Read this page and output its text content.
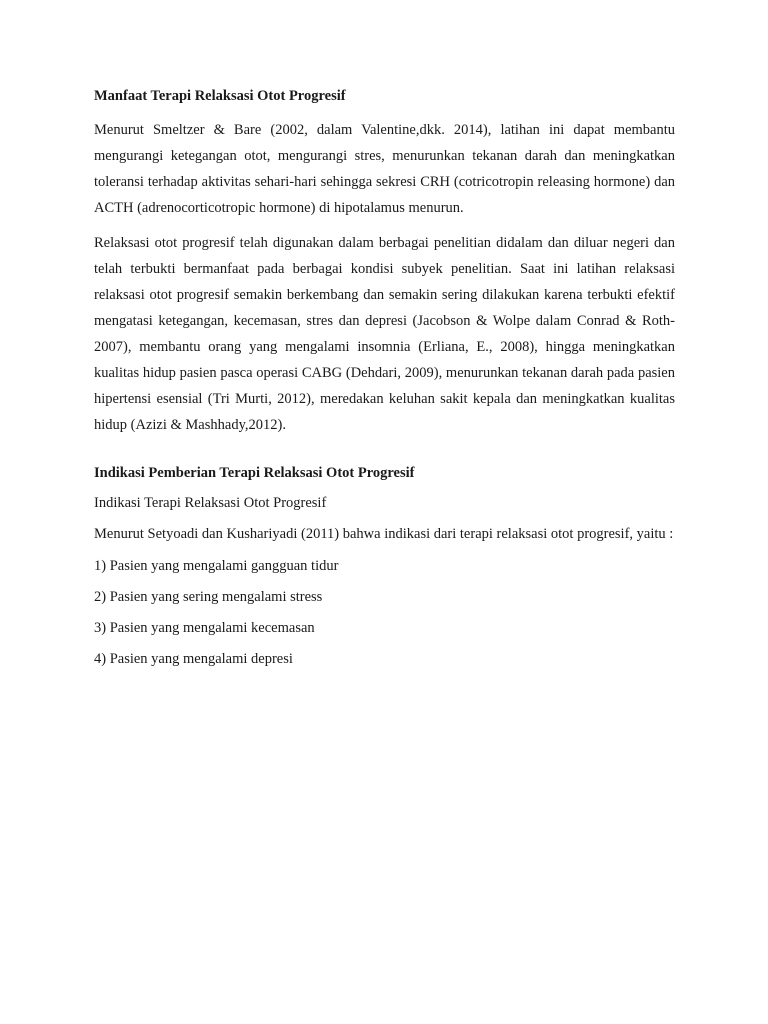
Manfaat Terapi Relaksasi Otot Progresif

Menurut Smeltzer & Bare (2002, dalam Valentine,dkk. 2014), latihan ini dapat membantu mengurangi ketegangan otot, mengurangi stres, menurunkan tekanan darah dan meningkatkan toleransi terhadap aktivitas sehari-hari sehingga sekresi CRH (cotricotropin releasing hormone) dan ACTH (adrenocorticotropic hormone) di hipotalamus menurun.

Relaksasi otot progresif telah digunakan dalam berbagai penelitian didalam dan diluar negeri dan telah terbukti bermanfaat pada berbagai kondisi subyek penelitian. Saat ini latihan relaksasi relaksasi otot progresif semakin berkembang dan semakin sering dilakukan karena terbukti efektif mengatasi ketegangan, kecemasan, stres dan depresi (Jacobson & Wolpe dalam Conrad & Roth- 2007), membantu orang yang mengalami insomnia (Erliana, E., 2008), hingga meningkatkan kualitas hidup pasien pasca operasi CABG (Dehdari, 2009), menurunkan tekanan darah pada pasien hipertensi esensial (Tri Murti, 2012), meredakan keluhan sakit kepala dan meningkatkan kualitas hidup (Azizi & Mashhady,2012).

Indikasi Pemberian Terapi Relaksasi Otot Progresif

Indikasi Terapi Relaksasi Otot Progresif

Menurut Setyoadi dan Kushariyadi (2011) bahwa indikasi dari terapi relaksasi otot progresif, yaitu :

1) Pasien yang mengalami gangguan tidur
2) Pasien yang sering mengalami stress
3) Pasien yang mengalami kecemasan
4) Pasien yang mengalami depresi
